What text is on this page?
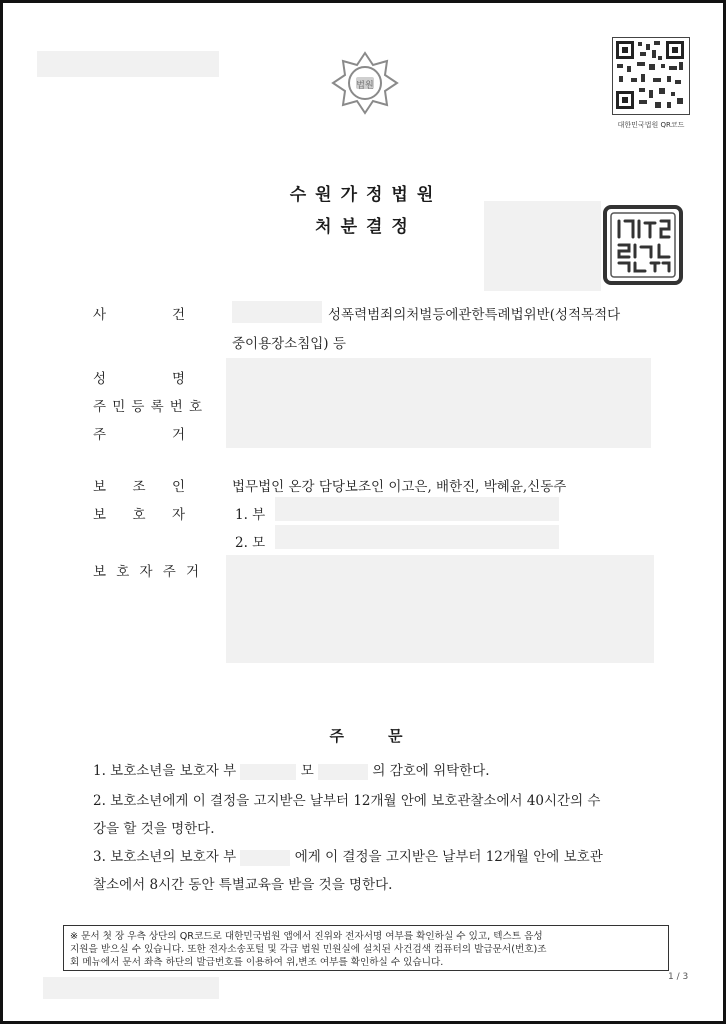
법원
대한민국법원 QR코드
수원가정법원
처분결정
사	건	성폭력범죄의처벌등에관한특례법위반(성적목적다
중이용장소침입) 등
성	명
주 민 등 록 번 호
주	거
보 조 인	법무법인 온강 담당보조인 이고은, 배한진, 박혜윤,신동주
보 호 자	1. 부
2. 모
보 호 자 주 거
주문
1. 보호소년을 보호자 부	모	의 감호에 위탁한다.
2. 보호소년에게 이 결정을 고지받은 날부터 12개월 안에 보호관찰소에서 40시간의 수
강을 할 것을 명한다.
3. 보호소년의 보호자 부	에게 이 결정을 고지받은 날부터 12개월 안에 보호관
찰소에서 8시간 동안 특별교육을 받을 것을 명한다.
※ 문서 첫 장 우측 상단의 QR코드로 대한민국법원 앱에서 진위와 전자서명 여부를 확인하실 수 있고, 텍스트 음성
지원을 받으실 수 있습니다. 또한 전자소송포털 및 각급 법원 민원실에 설치된 사건검색 컴퓨터의 발급문서(번호)조
회 메뉴에서 문서 좌측 하단의 발급번호를 이용하여 위,변조 여부를 확인하실 수 있습니다.
1 / 3
